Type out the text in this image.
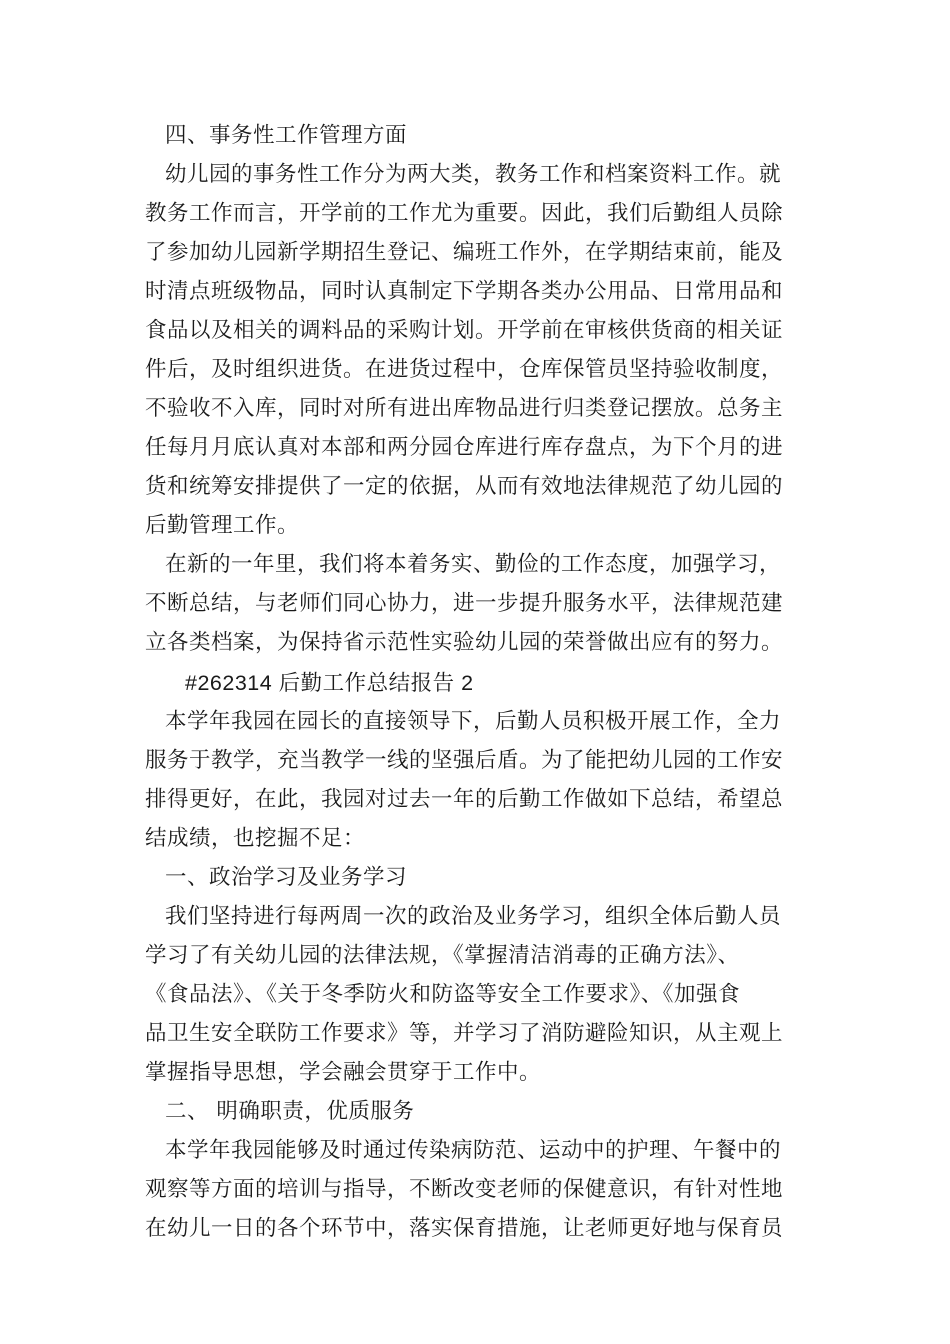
四、事务性工作管理方面
幼儿园的事务性工作分为两大类，教务工作和档案资料工作。就
教务工作而言，开学前的工作尤为重要。因此，我们后勤组人员除
了参加幼儿园新学期招生登记、编班工作外，在学期结束前，能及
时清点班级物品，同时认真制定下学期各类办公用品、日常用品和
食品以及相关的调料品的采购计划。开学前在审核供货商的相关证
件后，及时组织进货。在进货过程中，仓库保管员坚持验收制度，
不验收不入库，同时对所有进出库物品进行归类登记摆放。总务主
任每月月底认真对本部和两分园仓库进行库存盘点，为下个月的进
货和统筹安排提供了一定的依据，从而有效地法律规范了幼儿园的
后勤管理工作。
在新的一年里，我们将本着务实、勤俭的工作态度，加强学习，
不断总结，与老师们同心协力，进一步提升服务水平，法律规范建
立各类档案，为保持省示范性实验幼儿园的荣誉做出应有的努力。
#262314 后勤工作总结报告 2
本学年我园在园长的直接领导下，后勤人员积极开展工作，全力
服务于教学，充当教学一线的坚强后盾。为了能把幼儿园的工作安
排得更好，在此，我园对过去一年的后勤工作做如下总结，希望总
结成绩，也挖掘不足：
一、政治学习及业务学习
我们坚持进行每两周一次的政治及业务学习，组织全体后勤人员
学习了有关幼儿园的法律法规，《掌握清洁消毒的正确方法》、
《食品法》、《关于冬季防火和防盗等安全工作要求》、《加强食
品卫生安全联防工作要求》等，并学习了消防避险知识，从主观上
掌握指导思想，学会融会贯穿于工作中。
二、 明确职责，优质服务
本学年我园能够及时通过传染病防范、运动中的护理、午餐中的
观察等方面的培训与指导，不断改变老师的保健意识，有针对性地
在幼儿一日的各个环节中，落实保育措施，让老师更好地与保育员
